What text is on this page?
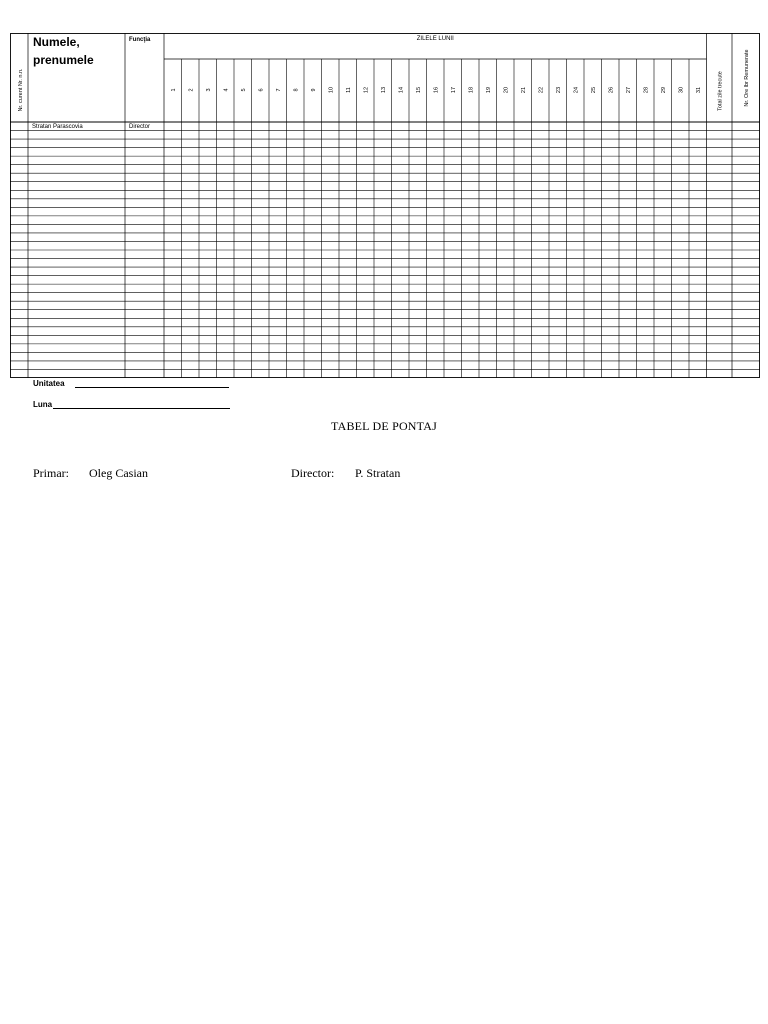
Nr. curent Nr. n.n.
Numele,
prenumele
Funcţia	ZILELE LUNII
1 2 3 4 5 6 7 8 9 10 11 12 13 14 15 16 17 18 19 20 21 22 23 24 25 26 27 28 29 30 31	Total zile trecute	Nr. Ore lbr Remunerate
Stratan Parascovia	Director
Unitatea
Luna
TABEL DE PONTAJ
Primar: Oleg Casian	Director: P. Stratan
